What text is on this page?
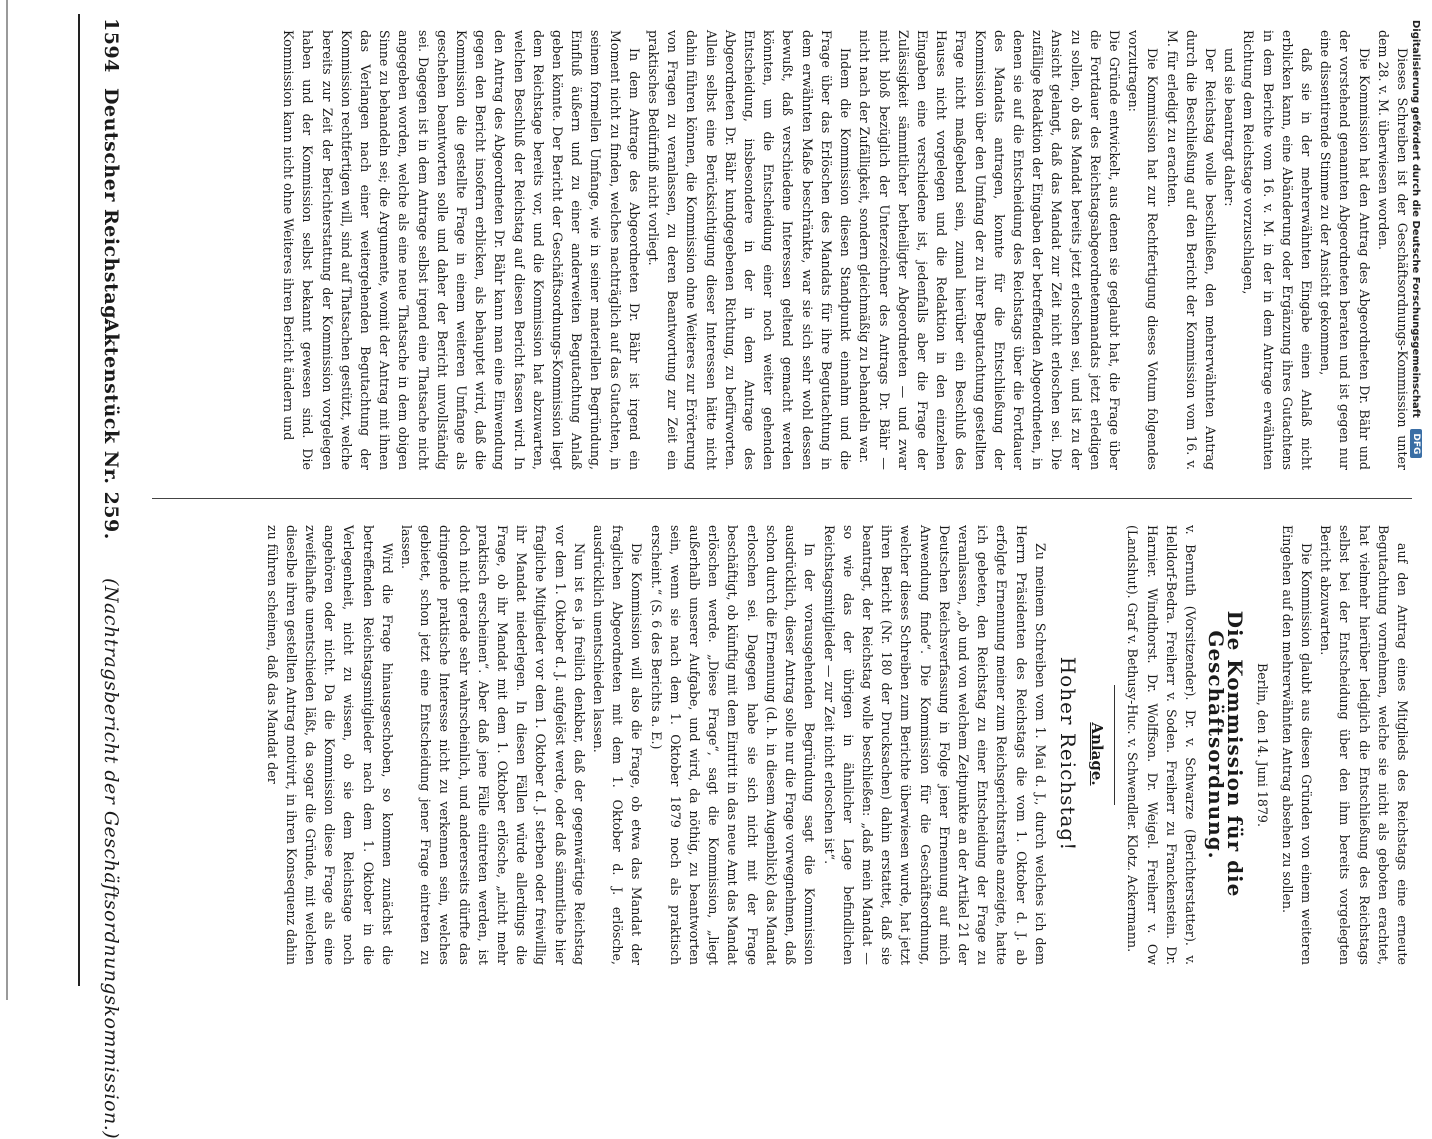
1594
Deutscher Reichstag.
Aktenstück Nr. 259.
(Nachtragsbericht der Geschäftsordnungskommission.)

Dieses Schreiben ist der Geschäftsordnungs-Kommission unter dem 28. v. M. überwiesen worden.

Die Kommission hat den Antrag des Abgeordneten Dr. Bähr und der vorstehend genannten Abgeordneten beraten und ist gegen nur eine dissentirende Stimme zu der Ansicht gekommen,

daß sie in der mehrerwähnten Eingabe einen Anlaß nicht erblicken kann, eine Abänderung oder Ergänzung ihres Gutachtens in dem Berichte vom 16. v. M. in der in dem Antrage erwähnten Richtung dem Reichstage vorzuschlagen,

und sie beantragt daher:

Der Reichstag wolle beschließen, den mehrerwähnten Antrag durch die Beschließung auf den Bericht der Kommission vom 16. v. M. für erledigt zu erachten.

Die Kommission hat zur Rechtfertigung dieses Votum folgendes vorzutragen:

Die Gründe entwickelt, aus denen sie geglaubt hat, die Frage über die Fortdauer des Reichstagsabgeordnetenmandats jetzt erledigen zu sollen, ob das Mandat bereits jetzt erloschen sei, und ist zu der Ansicht gelangt, daß das Mandat zur Zeit nicht erloschen sei. Die zufällige Redaktion der Eingaben der betreffenden Abgeordneten, in denen sie auf die Entscheidung des Reichstags über die Fortdauer des Mandats antragen, konnte für die Entschließung der Kommission über den Umfang der zu ihrer Begutachtung gestellten Frage nicht maßgebend sein, zumal hierüber ein Beschluß des Hauses nicht vorgelegen und die Redaktion in den einzelnen Eingaben eine verschiedene ist, jedenfalls aber die Frage der Zulässigkeit sämmtlicher betheiligter Abgeordneten — und zwar nicht bloß bezüglich der Unterzeichner des Antrags Dr. Bähr — nicht nach der Zufälligkeit, sondern gleichmäßig zu behandeln war.

Indem die Kommission diesen Standpunkt einnahm und die Frage über das Erlöschen des Mandats für ihre Begutachtung in dem erwähnten Maße beschränkte, war sie sich sehr wohl dessen bewußt, daß verschiedene Interessen geltend gemacht werden könnten, um die Entscheidung einer noch weiter gehenden Entscheidung, insbesondere in der in dem Antrage des Abgeordneten Dr. Bähr kundgegebenen Richtung, zu befürworten. Allein selbst eine Berücksichtigung dieser Interessen hätte nicht dahin führen können, die Kommission ohne Weiteres zur Erörterung von Fragen zu veranlassen, zu deren Beantwortung zur Zeit ein praktisches Bedürfniß nicht vorliegt.

In dem Antrage des Abgeordneten Dr. Bähr ist irgend ein Moment nicht zu finden, welches nachträglich auf das Gutachten, in seinem formellen Umfange, wie in seiner materiellen Begründung, Einfluß äußern und zu einer anderweiten Begutachtung Anlaß geben könnte. Der Bericht der Geschäftsordnungs-Kommission liegt dem Reichstage bereits vor, und die Kommission hat abzuwarten, welchen Beschluß der Reichstag auf diesen Bericht fassen wird. In den Antrag des Abgeordneten Dr. Bähr kann man eine Einwendung gegen den Bericht insofern erblicken, als behauptet wird, daß die Kommission die gestellte Frage in einem weiteren Umfange als geschehen beantworten solle und daher der Bericht unvollständig sei. Dagegen ist in dem Antrage selbst irgend eine Thatsache nicht angegeben worden, welche als eine neue Thatsache in dem obigen Sinne zu behandeln sei; die Argumente, womit der Antrag mit ihnen das Verlangen nach einer weitergehenden Begutachtung der Kommission rechtfertigen will, sind auf Thatsachen gestützt, welche bereits zur Zeit der Berichterstattung der Kommission vorgelegen haben und der Kommission selbst bekannt gewesen sind. Die Kommission kann nicht ohne Weiteres ihren Bericht ändern und

auf den Antrag eines Mitglieds des Reichstags eine erneute Begutachtung vornehmen, welche sie nicht als geboten erachtet, hat vielmehr hierüber lediglich die Entschließung des Reichstags selbst bei der Entscheidung über den ihm bereits vorgelegten Bericht abzuwarten.

Die Kommission glaubt aus diesen Gründen von einem weiteren Eingehen auf den mehrerwähnten Antrag absehen zu sollen.

Berlin, den 14. Juni 1879.

Die Kommission für die Geschäftsordnung.

v. Bernuth (Vorsitzender). Dr. v. Schwarze (Berichterstatter). v. Helldorf-Bedra. Freiherr v. Soden. Freiherr zu Franckenstein. Dr. Harnier. Windthorst. Dr. Wolffson. Dr. Weigel. Freiherr v. Ow (Landshut). Graf v. Bethusy-Huc. v. Schwendler. Klotz. Ackermann.

Anlage.

Hoher Reichstag!

Zu meinem Schreiben vom 1. Mai d. J., durch welches ich dem Herrn Präsidenten des Reichstags die vom 1. Oktober d. J. ab erfolgte Ernennung meiner zum Reichsgerichtsrathe anzeigte, hatte ich gebeten, den Reichstag zu einer Entscheidung der Frage zu veranlassen, „ob und von welchem Zeitpunkte an der Artikel 21 der Deutschen Reichsverfassung in Folge jener Ernennung auf mich Anwendung finde“. Die Kommission für die Geschäftsordnung, welcher dieses Schreiben zum Berichte überwiesen wurde, hat jetzt ihren Bericht (Nr. 180 der Drucksachen) dahin erstattet, daß sie beantragt, der Reichstag wolle beschließen: „daß mein Mandat — so wie das der übrigen in ähnlicher Lage befindlichen Reichstagsmitglieder — zur Zeit nicht erloschen ist“.

In der vorausgehenden Begründung sagt die Kommission ausdrücklich, dieser Antrag solle nur die Frage vorwegnehmen, daß schon durch die Ernennung (d. h. in diesem Augenblick) das Mandat erloschen sei. Dagegen habe sie sich nicht mit der Frage beschäftigt, ob künftig mit dem Eintritt in das neue Amt das Mandat erlöschen werde. „Diese Frage“, sagt die Kommission, „liegt außerhalb unserer Aufgabe, und wird, da nöthig, zu beantworten sein, wenn sie nach dem 1. Oktober 1879 noch als praktisch erscheint.“ (S. 6 des Berichts a. E.)

Die Kommission will also die Frage, ob etwa das Mandat der fraglichen Abgeordneten mit dem 1. Oktober d. J. erlösche, ausdrücklich unentschieden lassen.

Nun ist es ja freilich denkbar, daß der gegenwärtige Reichstag vor dem 1. Oktober d. J. aufgelöst werde, oder daß sämmtliche hier fragliche Mitglieder vor dem 1. Oktober d. J. sterben oder freiwillig ihr Mandat niederlegen. In diesen Fällen würde allerdings die Frage, ob ihr Mandat mit dem 1. Oktober erlösche, „nicht mehr praktisch erscheinen“. Aber daß jene Fälle eintreten werden, ist doch nicht gerade sehr wahrscheinlich, und andererseits dürfte das dringende praktische Interesse nicht zu verkennen sein, welches gebietet, schon jetzt eine Entscheidung jener Frage eintreten zu lassen.

Wird die Frage hinausgeschoben, so kommen zunächst die betreffenden Reichstagsmitglieder nach dem 1. Oktober in die Verlegenheit, nicht zu wissen, ob sie dem Reichstage noch angehören oder nicht. Da die Kommission diese Frage als eine zweifelhafte unentschieden läßt, da sogar die Gründe, mit welchen dieselbe ihren gestellten Antrag motivirt, in ihren Konsequenz dahin zu führen scheinen, daß das Mandat der

Digitalisierung gefördert durch die Deutsche Forschungsgemeinschaft DFG
